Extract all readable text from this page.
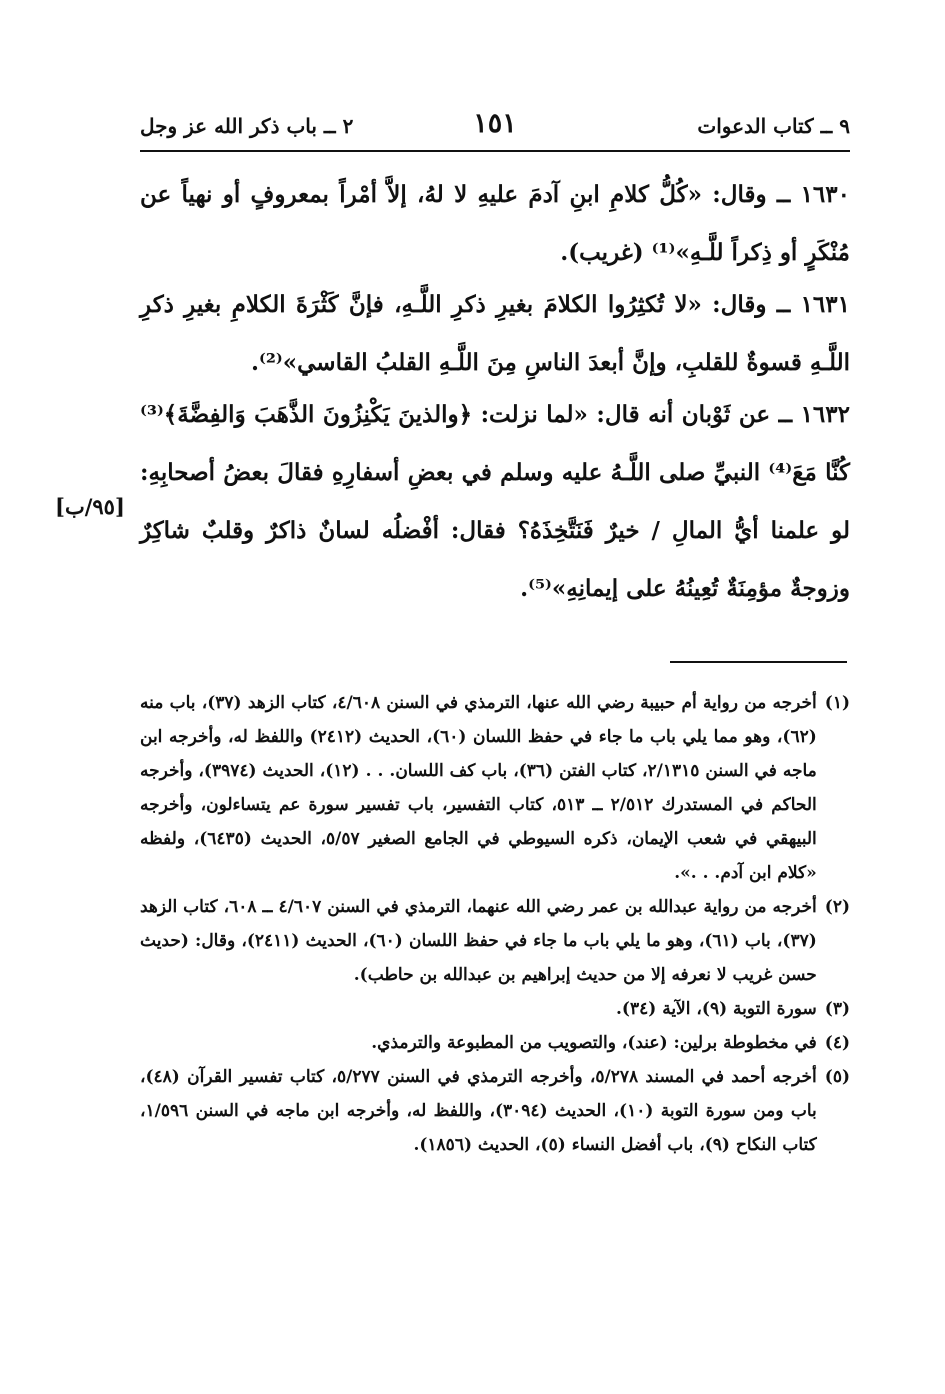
٩ ــ كتاب الدعوات
١٥١
٢ ــ باب ذكر الله عز وجل
١٦٣٠ ــ وقال: «كُلُّ كلامِ ابنِ آدمَ عليهِ لا لهُ، إلاَّ أمْراً بمعروفٍ أو نهياً عن مُنْكَرٍ أو ذِكراً للَّـهِ»⁽¹⁾ (غريب).
١٦٣١ ــ وقال: «لا تُكثِرُوا الكلامَ بغيرِ ذكرِ اللَّـهِ، فإنَّ كَثْرَةَ الكلامِ بغيرِ ذكرِ اللَّـهِ قسوةٌ للقلبِ، وإنَّ أبعدَ الناسِ مِنَ اللَّـهِ القلبُ القاسي»⁽²⁾.
١٦٣٢ ــ عن ثَوْبان أنه قال: «لما نزلت: ﴿والذينَ يَكْنِزُونَ الذَّهَبَ وَالفِضَّةَ﴾⁽³⁾ كُنَّا مَعَ⁽⁴⁾ النبيِّ صلى اللَّـهُ عليه وسلم في بعضِ أسفارِهِ فقالَ بعضُ أصحابِهِ: لو علمنا أيُّ المالِ / خيرٌ فَنَتَّخِذَهُ؟ فقال: أفْضلُه لسانٌ ذاكرٌ وقلبٌ شاكِرٌ وزوجةٌ مؤمِنَةٌ تُعِينُهُ على إيمانِهِ»⁽⁵⁾.
[٩٥/ب]
(١)
أخرجه من رواية أم حبيبة رضي الله عنها، الترمذي في السنن ٤/٦٠٨، كتاب الزهد (٣٧)، باب منه (٦٢)، وهو مما يلي باب ما جاء في حفظ اللسان (٦٠)، الحديث (٢٤١٢) واللفظ له، وأخرجه ابن ماجه في السنن ٢/١٣١٥، كتاب الفتن (٣٦)، باب كف اللسان. . . (١٢)، الحديث (٣٩٧٤)، وأخرجه الحاكم في المستدرك ٢/٥١٢ ــ ٥١٣، كتاب التفسير، باب تفسير سورة عم يتساءلون، وأخرجه البيهقي في شعب الإيمان، ذكره السيوطي في الجامع الصغير ٥/٥٧، الحديث (٦٤٣٥)، ولفظه «كلام ابن آدم. . .».
(٢)
أخرجه من رواية عبدالله بن عمر رضي الله عنهما، الترمذي في السنن ٤/٦٠٧ ــ ٦٠٨، كتاب الزهد (٣٧)، باب (٦١)، وهو ما يلي باب ما جاء في حفظ اللسان (٦٠)، الحديث (٢٤١١)، وقال: (حديث حسن غريب لا نعرفه إلا من حديث إبراهيم بن عبدالله بن حاطب).
(٣)
سورة التوبة (٩)، الآية (٣٤).
(٤)
في مخطوطة برلين: (عند)، والتصويب من المطبوعة والترمذي.
(٥)
أخرجه أحمد في المسند ٥/٢٧٨، وأخرجه الترمذي في السنن ٥/٢٧٧، كتاب تفسير القرآن (٤٨)، باب ومن سورة التوبة (١٠)، الحديث (٣٠٩٤)، واللفظ له، وأخرجه ابن ماجه في السنن ١/٥٩٦، كتاب النكاح (٩)، باب أفضل النساء (٥)، الحديث (١٨٥٦).
